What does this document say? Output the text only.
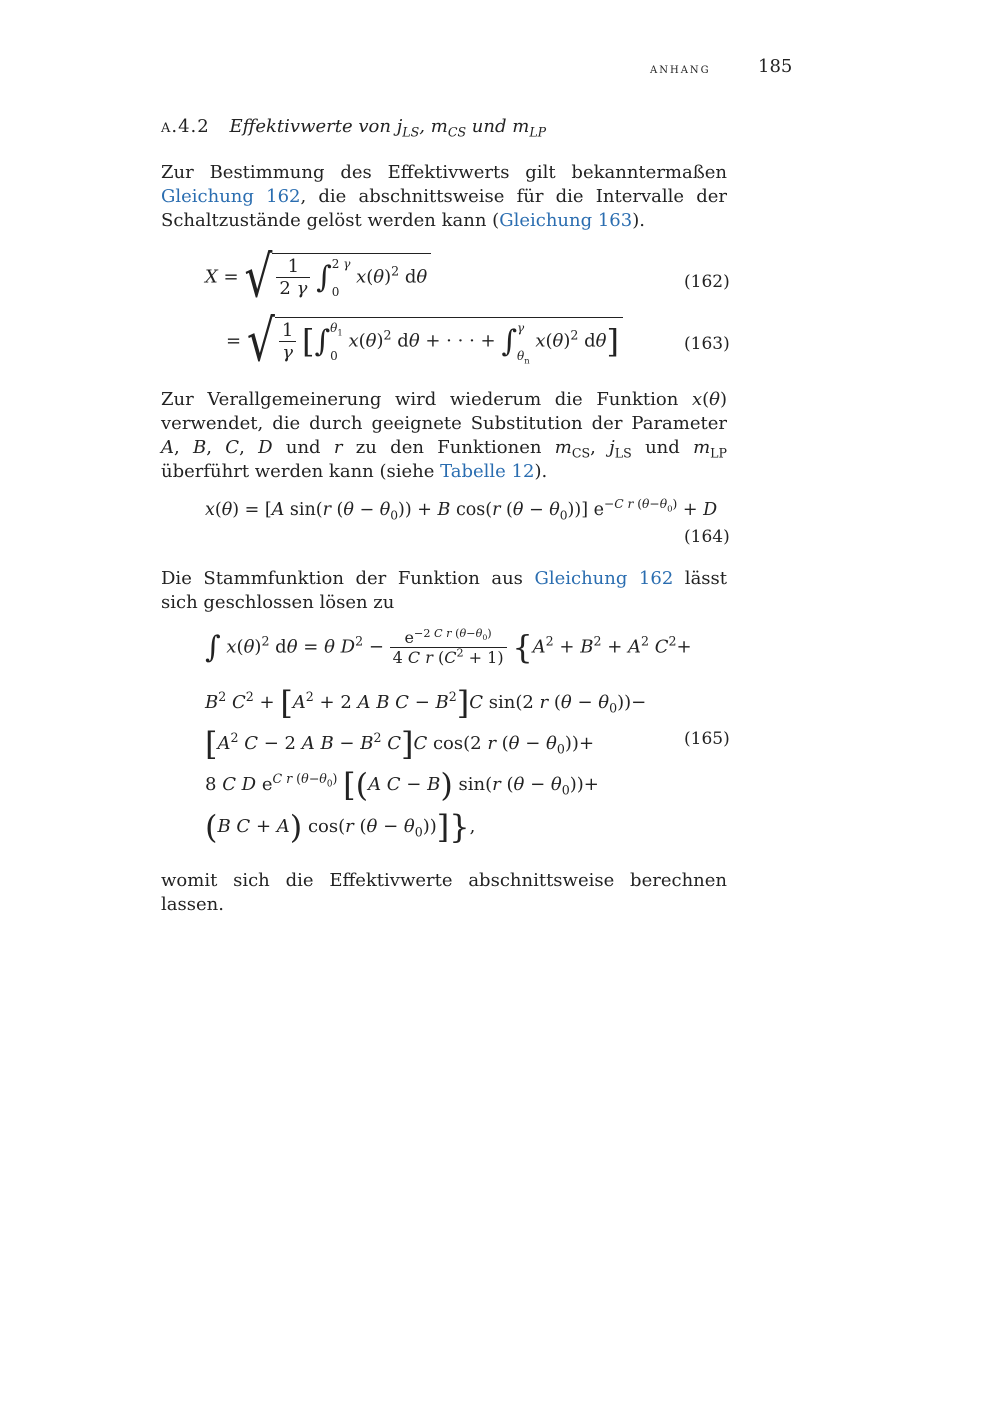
anhang	185
a.4.2 Effektivwerte von $j_{LS}$, $m_{CS}$ und $m_{LP}$
Zur Bestimmung des Effektivwerts gilt bekanntermaßen Gleichung 162, die abschnittsweise für die Intervalle der Schaltzustände gelöst werden kann (Gleichung 163).
X = √ $\frac{1}{2 \gamma} \int 2$ γ

0 $x(\theta)^2$ dθ	(162)
= √ $\frac{1}{\gamma} [\int\theta_1$

0 $x(\theta)^2$ dθ + · · · + ∫γ

$\theta_n$ $x(\theta)^2$ dθ]	(163)
Zur Verallgemeinerung wird wiederum die Funktion x(θ) verwendet, die durch geeignete Substitution der Parameter A, B, C, D und r zu den Funktionen $m_{CS}$, $j_{LS}$ und $m_{LP}$ überführt werden kann (siehe Tabelle 12).
x(θ) = [A sin(r $(\theta - \theta_0)) + B$ cos(r $(\theta - \theta_0)$)] $e^{-C r (\theta-\theta_0)} + D$
(164)
Die Stammfunktion der Funktion aus Gleichung 162 lässt sich geschlossen lösen zu
∫ $x(\theta)^2$ dθ = θ $D^2 - \frac{e^{-2 C r (\theta-\theta_0)}}{4 C r (C^2 + 1)} \{A^2 + B^2 + A^2$ $C^2+$
$B^2$ $C^2 + [A^2 + 2$ A B $C - B^2]C$ sin(2 r $(\theta - \theta_0))-$
[$A^2$ C − 2 A $B - B^2$ C]C cos(2 r $(\theta - \theta_0))+$	(165)
8 C D $e^{C r (\theta-\theta_0)}$ [(A C − B) sin(r $(\theta - \theta_0))+$
(B C + A) cos(r $(\theta - \theta_0)$)]},
womit sich die Effektivwerte abschnittsweise berechnen lassen.
